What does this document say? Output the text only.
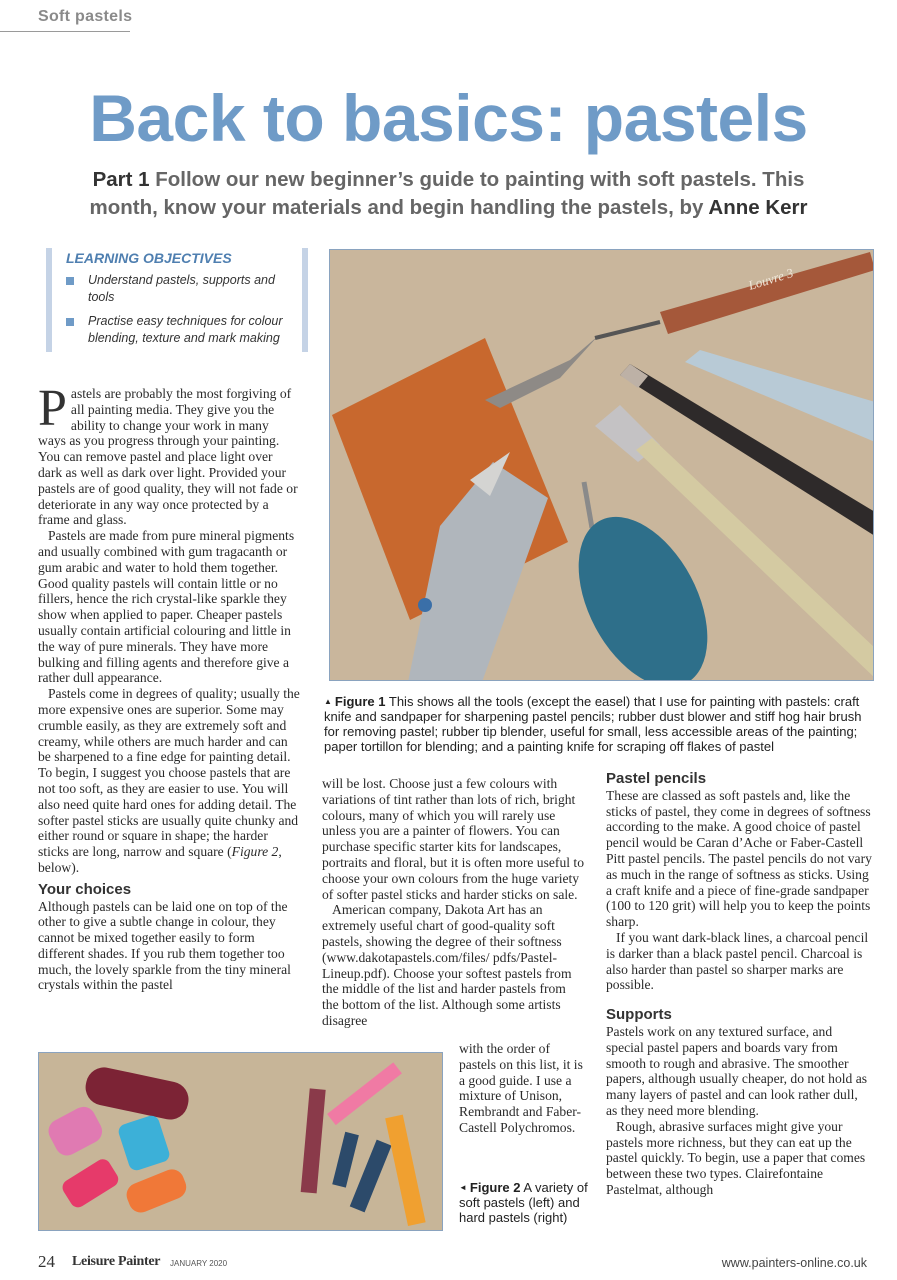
Soft pastels
Back to basics: pastels
Part 1 Follow our new beginner’s guide to painting with soft pastels. This month, know your materials and begin handling the pastels, by Anne Kerr
LEARNING OBJECTIVES
Understand pastels, supports and tools
Practise easy techniques for colour blending, texture and mark making

Pastels are probably the most forgiving of all painting media. They give you the ability to change your work in many ways as you progress through your painting. You can remove pastel and place light over dark as well as dark over light. Provided your pastels are of good quality, they will not fade or deteriorate in any way once protected by a frame and glass.

Pastels are made from pure mineral pigments and usually combined with gum tragacanth or gum arabic and water to hold them together. Good quality pastels will contain little or no fillers, hence the rich crystal-like sparkle they show when applied to paper. Cheaper pastels usually contain artificial colouring and little in the way of pure minerals. They have more bulking and filling agents and therefore give a rather dull appearance.

Pastels come in degrees of quality; usually the more expensive ones are superior. Some may crumble easily, as they are extremely soft and creamy, while others are much harder and can be sharpened to a fine edge for painting detail. To begin, I suggest you choose pastels that are not too soft, as they are easier to use. You will also need quite hard ones for adding detail. The softer pastel sticks are usually quite chunky and either round or square in shape; the harder sticks are long, narrow and square (Figure 2, below).

Your choices

Although pastels can be laid one on top of the other to give a subtle change in colour, they cannot be mixed together easily to form different shades. If you rub them together too much, the lovely sparkle from the tiny mineral crystals within the pastel

Louvre 3
▲ Figure 1 This shows all the tools (except the easel) that I use for painting with pastels: craft knife and sandpaper for sharpening pastel pencils; rubber dust blower and stiff hog hair brush for removing pastel; rubber tip blender, useful for small, less accessible areas of the painting; paper tortillon for blending; and a painting knife for scraping off flakes of pastel

will be lost. Choose just a few colours with variations of tint rather than lots of rich, bright colours, many of which you will rarely use unless you are a painter of flowers. You can purchase specific starter kits for landscapes, portraits and floral, but it is often more useful to choose your own colours from the huge variety of softer pastel sticks and harder sticks on sale.

American company, Dakota Art has an extremely useful chart of good-quality soft pastels, showing the degree of their softness (www.dakotapastels.com/files/ pdfs/Pastel-Lineup.pdf). Choose your softest pastels from the middle of the list and harder pastels from the bottom of the list. Although some artists disagree

with the order of pastels on this list, it is a good guide. I use a mixture of Unison, Rembrandt and Faber-Castell Polychromos.

◄ Figure 2 A variety of soft pastels (left) and hard pastels (right)
Pastel pencils

These are classed as soft pastels and, like the sticks of pastel, they come in degrees of softness according to the make. A good choice of pastel pencil would be Caran d’Ache or Faber-Castell Pitt pastel pencils. The pastel pencils do not vary as much in the range of softness as sticks. Using a craft knife and a piece of fine-grade sandpaper (100 to 120 grit) will help you to keep the points sharp.

If you want dark-black lines, a charcoal pencil is darker than a black pastel pencil. Charcoal is also harder than pastel so sharper marks are possible.

Supports

Pastels work on any textured surface, and special pastel papers and boards vary from smooth to rough and abrasive. The smoother papers, although usually cheaper, do not hold as many layers of pastel and can look rather dull, as they need more blending.

Rough, abrasive surfaces might give your pastels more richness, but they can eat up the pastel quickly. To begin, use a paper that comes between these two types. Clairefontaine Pastelmat, although

24 Leisure Painter JANUARY 2020	www.painters-online.co.uk
